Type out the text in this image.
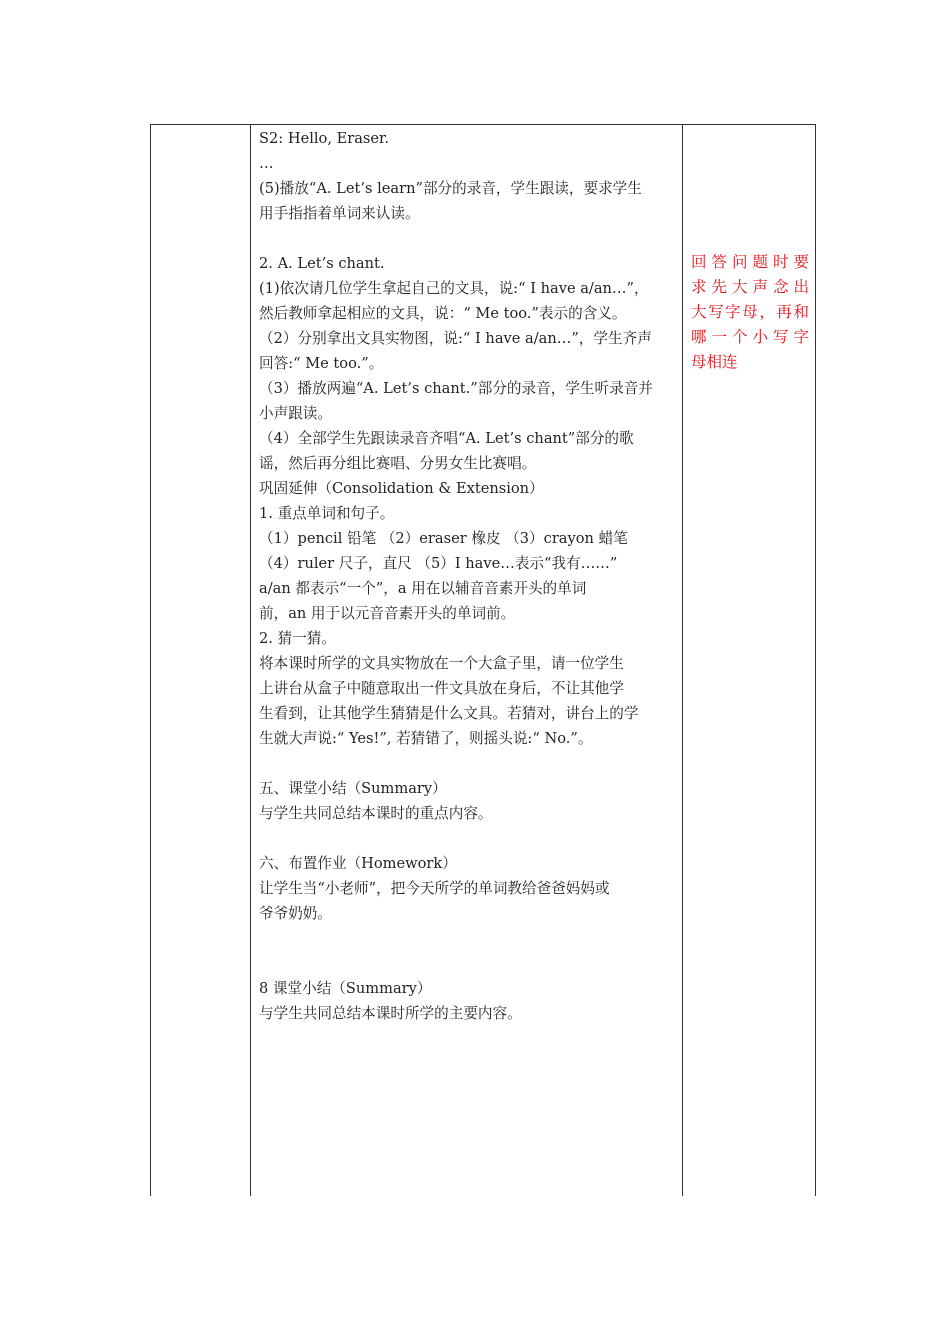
S2: Hello, Eraser.

…

(5)播放“A. Let’s learn”部分的录音，学生跟读，要求学生

用手指指着单词来认读。

2. A. Let’s chant.

(1)依次请几位学生拿起自己的文具，说:“ I have a/an…”，

然后教师拿起相应的文具，说：“ Me too.”表示的含义。

（2）分别拿出文具实物图，说:“ I have a/an…”，学生齐声

回答:“ Me too.”。

（3）播放两遍“A. Let’s chant.”部分的录音，学生听录音并

小声跟读。

（4）全部学生先跟读录音齐唱“A. Let’s chant”部分的歌

谣，然后再分组比赛唱、分男女生比赛唱。

巩固延伸（Consolidation & Extension）

1. 重点单词和句子。

（1）pencil 铅笔 （2）eraser 橡皮 （3）crayon 蜡笔

（4）ruler 尺子，直尺 （5）I have…表示“我有……”

a/an 都表示“一个”，a 用在以辅音音素开头的单词

前，an 用于以元音音素开头的单词前。

2. 猜一猜。

将本课时所学的文具实物放在一个大盒子里，请一位学生

上讲台从盒子中随意取出一件文具放在身后，不让其他学

生看到，让其他学生猜猜是什么文具。若猜对，讲台上的学

生就大声说:“ Yes!”, 若猜错了，则摇头说:“ No.”。

五、课堂小结（Summary）

与学生共同总结本课时的重点内容。

六、布置作业（Homework）

让学生当“小老师”，把今天所学的单词教给爸爸妈妈或

爷爷奶奶。

8 课堂小结（Summary）

与学生共同总结本课时所学的主要内容。

回答问题时要
求先大声念出
大写字母，再和
哪一个小写字
母相连
